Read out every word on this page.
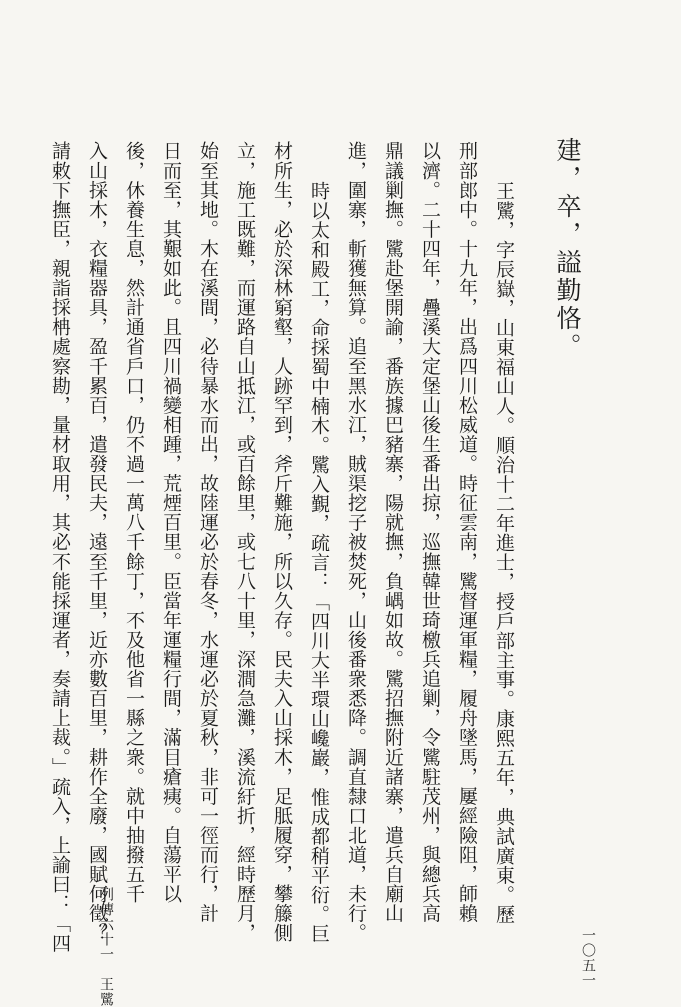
建，卒，謚勤恪。
王騭，字辰嶽，山東福山人。順治十二年進士，授戶部主事。康熙五年，典試廣東。歷
刑部郎中。十九年，出爲四川松威道。時征雲南，騭督運軍糧，履舟墜馬，屢經險阻，師賴
以濟。二十四年，疊溪大定堡山後生番出掠，巡撫韓世琦檄兵追剿，令騭駐茂州，與總兵高
鼎議剿撫。騭赴堡開諭，番族據巴豬寨，陽就撫，負嵎如故。騭招撫附近諸寨，遣兵自廟山
進，圍寨，斬獲無算。追至黑水江，賊渠挖子被焚死，山後番衆悉降。調直隸口北道，未行。
時以太和殿工，命採蜀中楠木。騭入覲，疏言：「四川大半環山巉巖，惟成都稍平衍。巨
材所生，必於深林窮壑，人跡罕到，斧斤難施，所以久存。民夫入山採木，足胝履穿，攀籐側
立，施工既難，而運路自山抵江，或百餘里，或七八十里，深澗急灘，溪流紆折，經時歷月，
始至其地。木在溪間，必待暴水而出，故陸運必於春冬，水運必於夏秋，非可一徑而行，計
日而至，其艱如此。且四川禍變相踵，荒煙百里。臣當年運糧行間，滿目瘡痍。自蕩平以
後，休養生息，然計通省戶口，仍不過一萬八千餘丁，不及他省一縣之衆。就中抽撥五千
入山採木，衣糧器具，盈千累百，遣發民夫，遠至千里，近亦數百里，耕作全廢，國賦何徵？
請敕下撫臣，親詣採柟處察勘，量材取用，其必不能採運者，奏請上裁。」疏入，上諭曰：「四 列傳六十一　王騭	一〇五一
